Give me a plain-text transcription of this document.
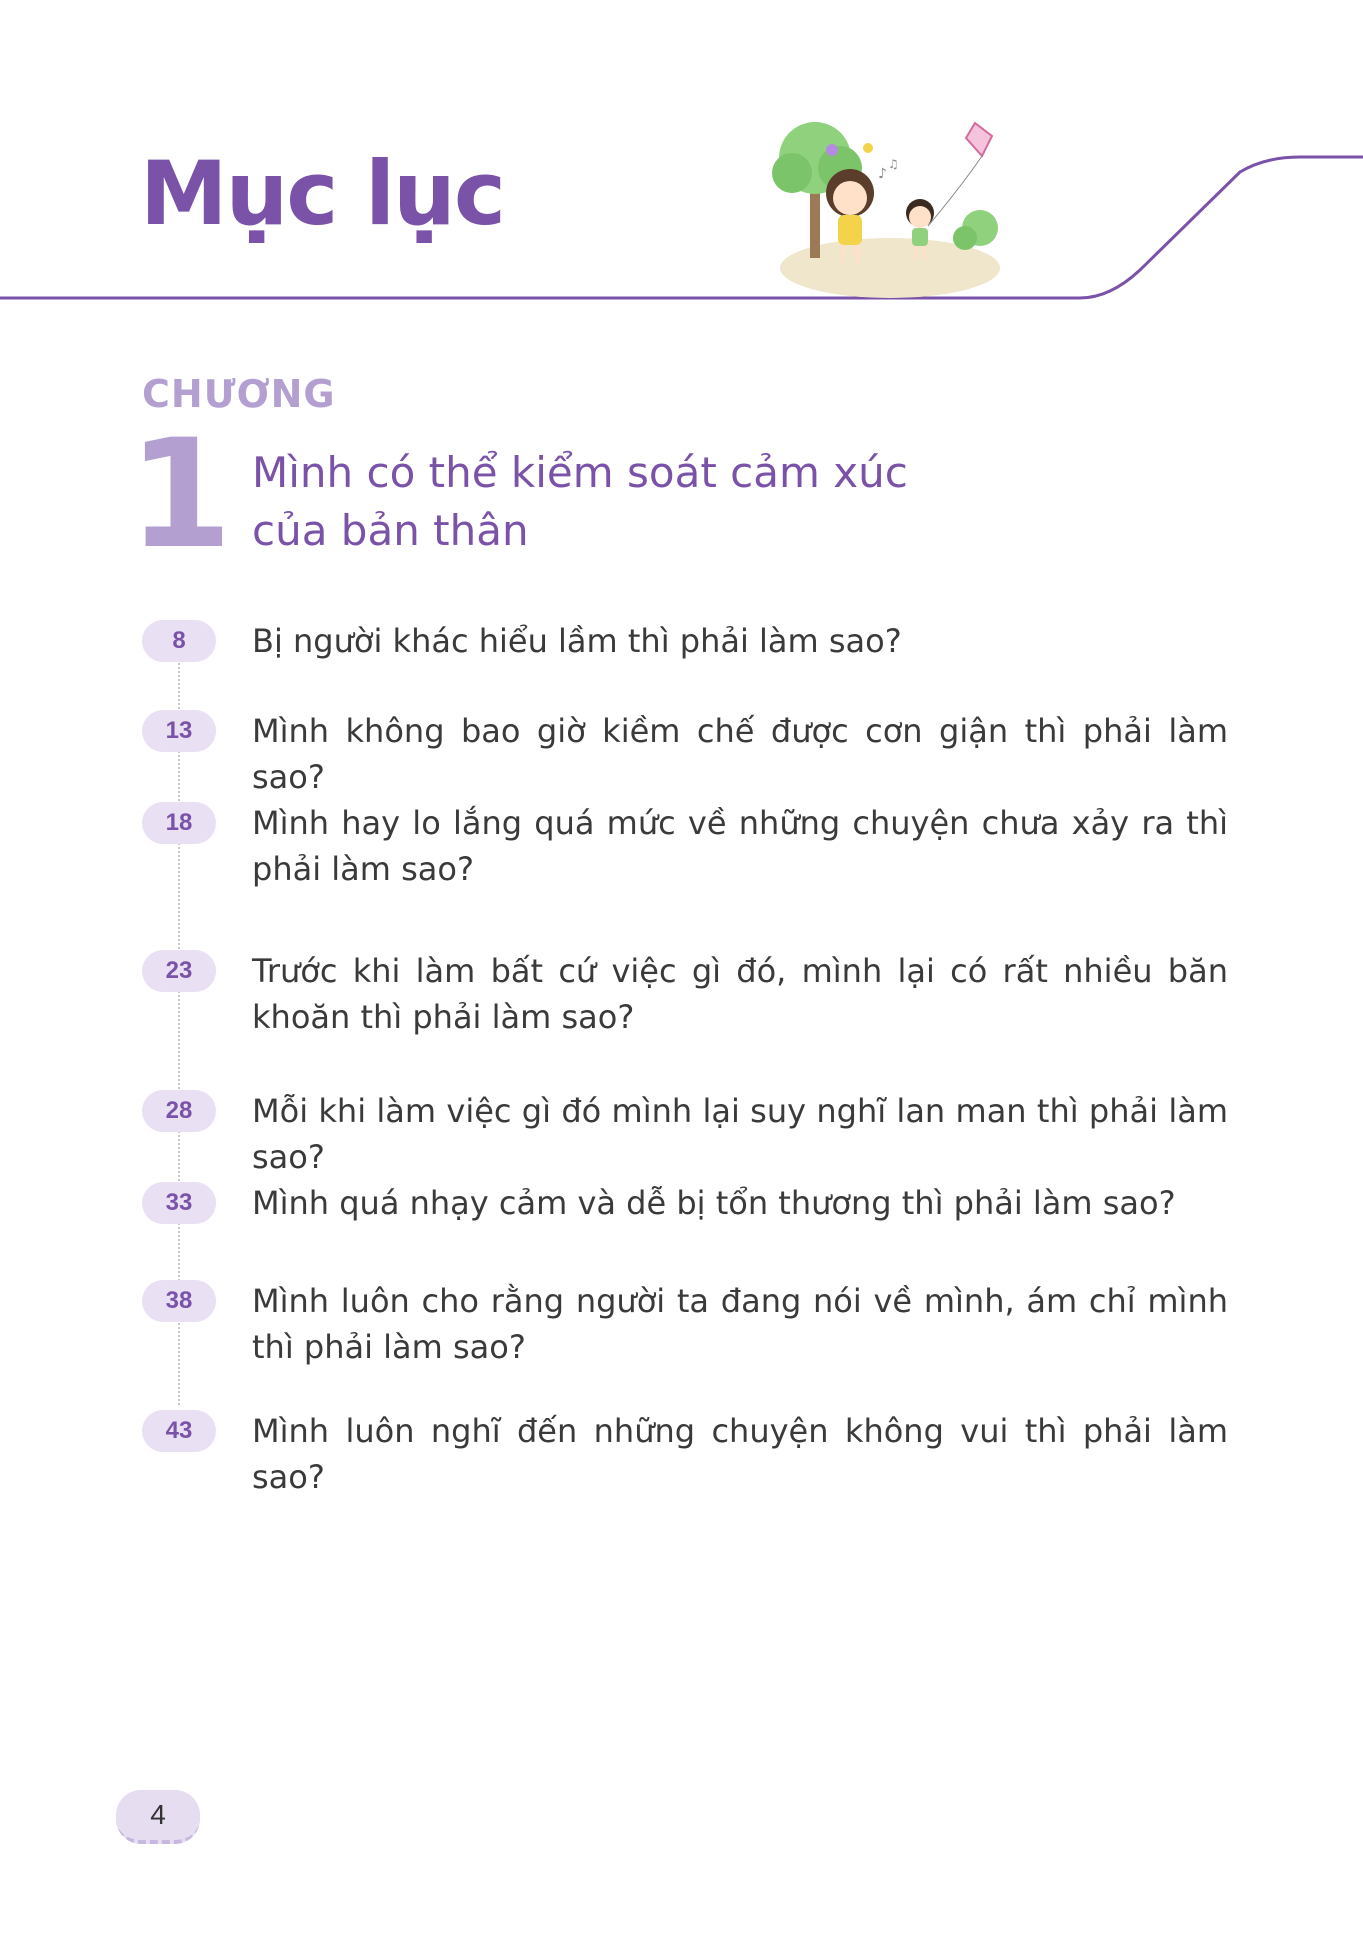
Mục lục	♪
♫
CHƯƠNG
1 Mình có thể kiểm soát cảm xúc
của bản thân
8	Bị người khác hiểu lầm thì phải làm sao?
13	Mình không bao giờ kiềm chế được cơn giận thì phải làm sao?
18	Mình hay lo lắng quá mức về những chuyện chưa xảy ra thì phải làm sao?
23	Trước khi làm bất cứ việc gì đó, mình lại có rất nhiều băn khoăn thì phải làm sao?
28	Mỗi khi làm việc gì đó mình lại suy nghĩ lan man thì phải làm sao?
33	Mình quá nhạy cảm và dễ bị tổn thương thì phải làm sao?
38	Mình luôn cho rằng người ta đang nói về mình, ám chỉ mình thì phải làm sao?
43	Mình luôn nghĩ đến những chuyện không vui thì phải làm sao?
4
